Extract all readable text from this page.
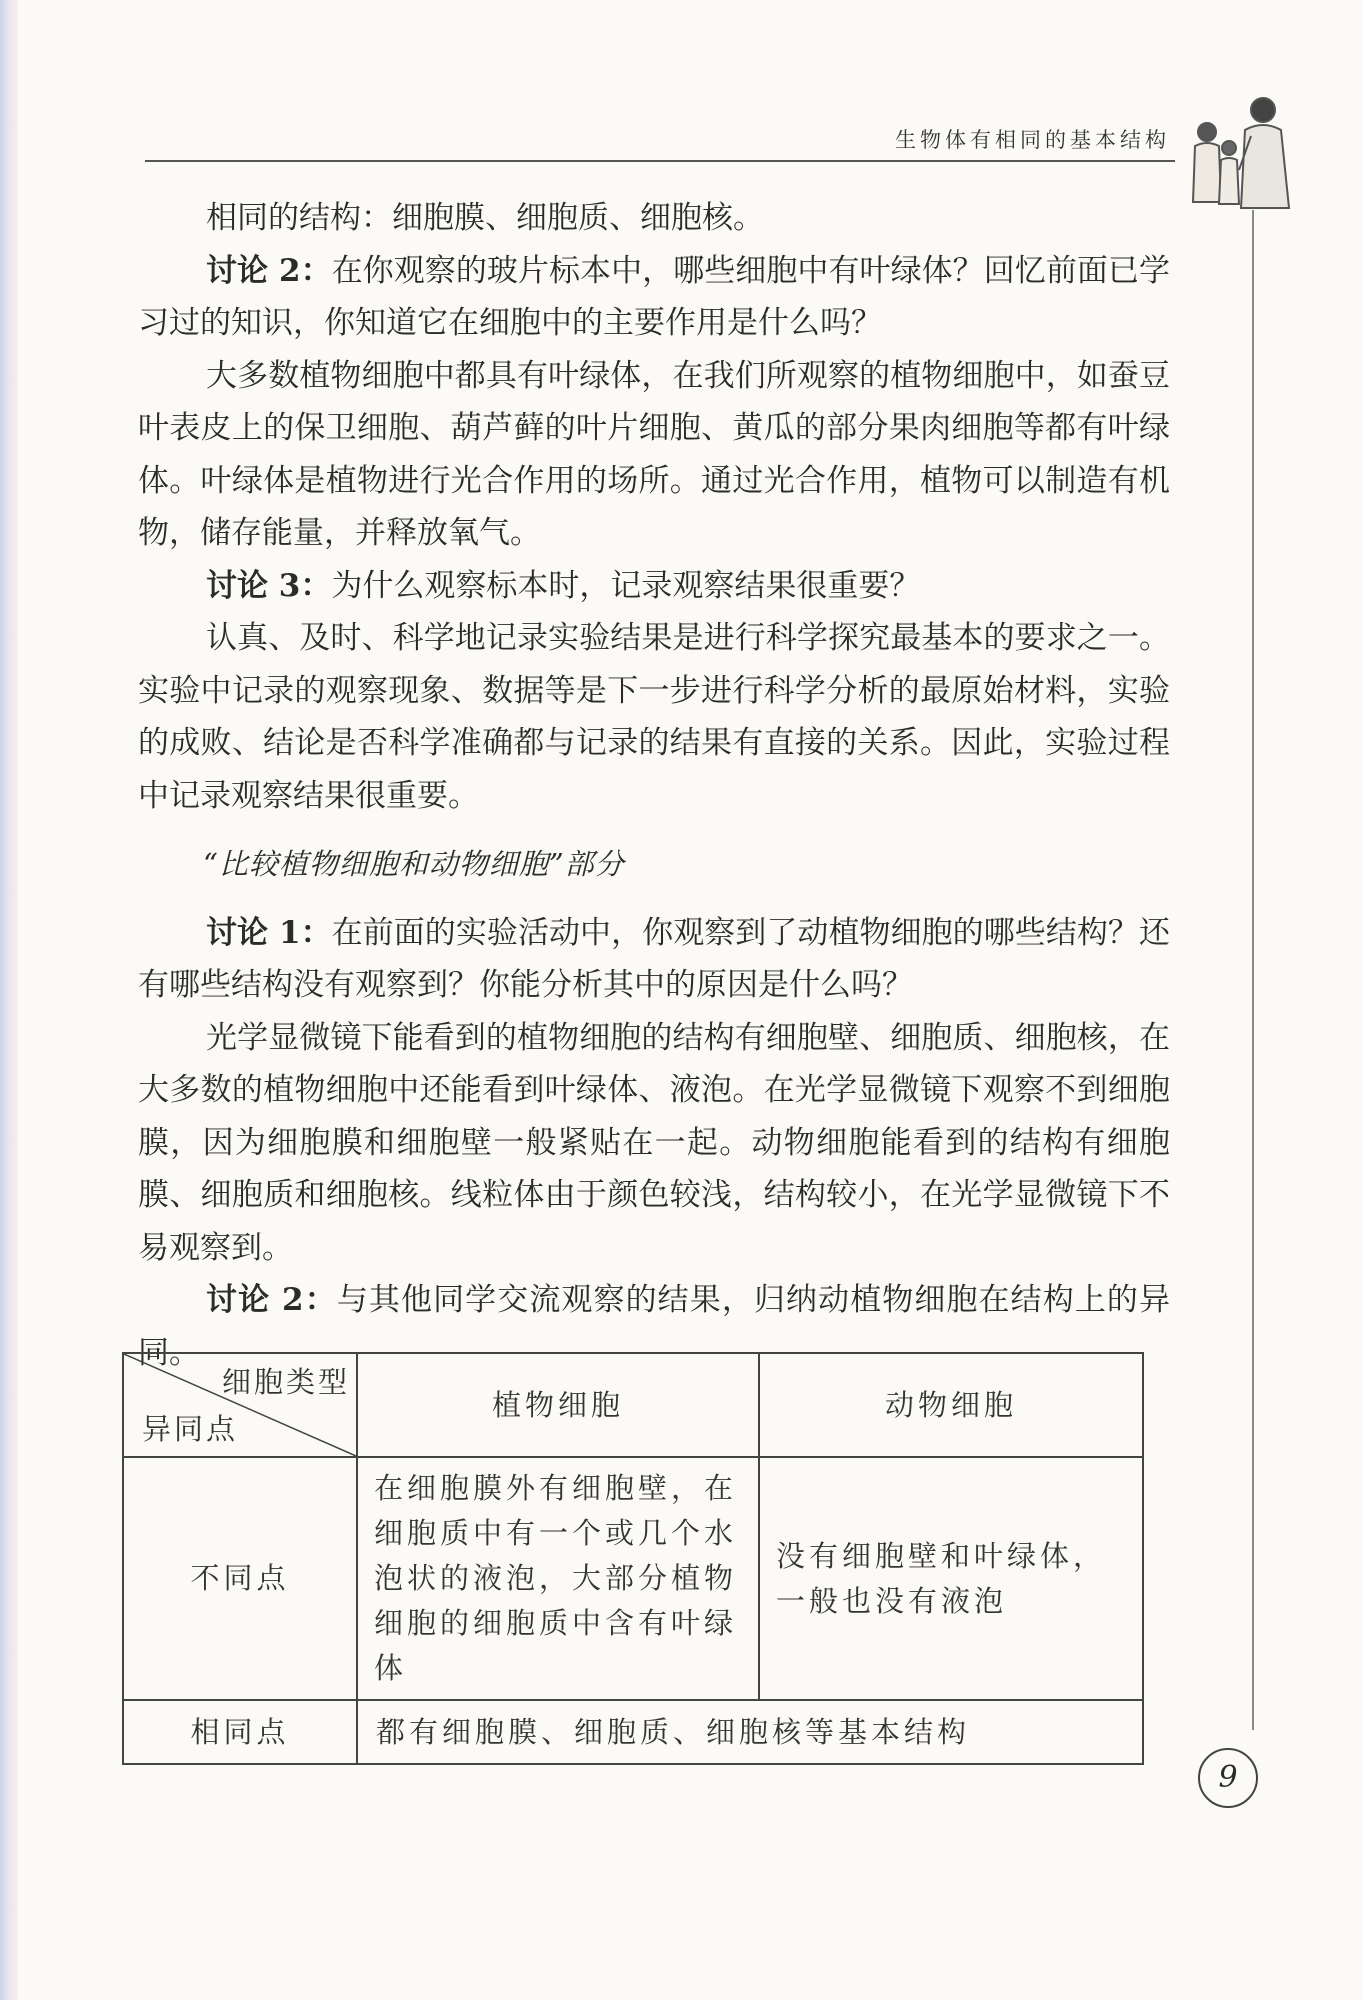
生物体有相同的基本结构

相同的结构：细胞膜、细胞质、细胞核。

讨论 2：在你观察的玻片标本中，哪些细胞中有叶绿体？回忆前面已学习过的知识，你知道它在细胞中的主要作用是什么吗？

大多数植物细胞中都具有叶绿体，在我们所观察的植物细胞中，如蚕豆叶表皮上的保卫细胞、葫芦藓的叶片细胞、黄瓜的部分果肉细胞等都有叶绿体。叶绿体是植物进行光合作用的场所。通过光合作用，植物可以制造有机物，储存能量，并释放氧气。

讨论 3：为什么观察标本时，记录观察结果很重要？

认真、及时、科学地记录实验结果是进行科学探究最基本的要求之一。实验中记录的观察现象、数据等是下一步进行科学分析的最原始材料，实验的成败、结论是否科学准确都与记录的结果有直接的关系。因此，实验过程中记录观察结果很重要。

“比较植物细胞和动物细胞”部分

讨论 1：在前面的实验活动中，你观察到了动植物细胞的哪些结构？还有哪些结构没有观察到？你能分析其中的原因是什么吗？

光学显微镜下能看到的植物细胞的结构有细胞壁、细胞质、细胞核，在大多数的植物细胞中还能看到叶绿体、液泡。在光学显微镜下观察不到细胞膜，因为细胞膜和细胞壁一般紧贴在一起。动物细胞能看到的结构有细胞膜、细胞质和细胞核。线粒体由于颜色较浅，结构较小，在光学显微镜下不易观察到。

讨论 2：与其他同学交流观察的结果，归纳动植物细胞在结构上的异同。

细胞类型
异同点	植物细胞	动物细胞
不同点	在细胞膜外有细胞壁，在细胞质中有一个或几个水泡状的液泡，大部分植物细胞的细胞质中含有叶绿体	没有细胞壁和叶绿体，一般也没有液泡
相同点	都有细胞膜、细胞质、细胞核等基本结构	
9
